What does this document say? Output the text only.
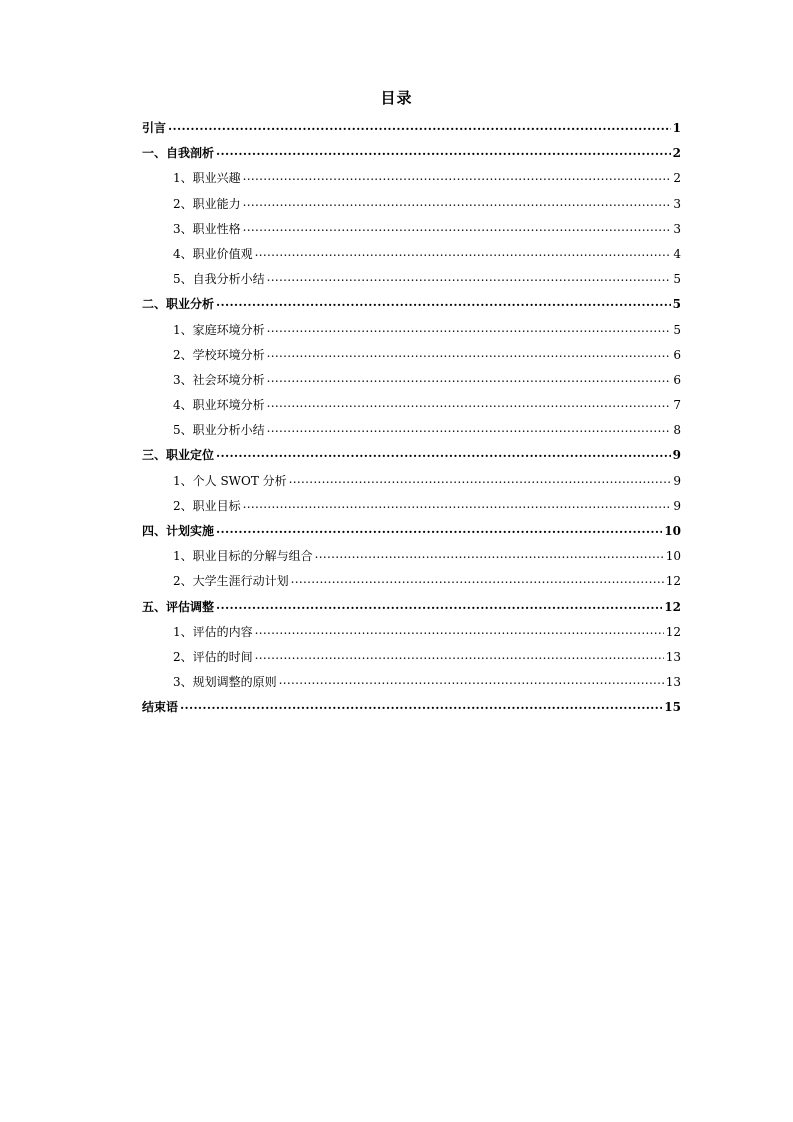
目录
引言 .....	1
一、自我剖析 .....	2
1、职业兴趣 .....	2
2、职业能力 .....	3
3、职业性格 .....	3
4、职业价值观 .....	4
5、自我分析小结 .....	5
二、职业分析 .....	5
1、家庭环境分析 .....	5
2、学校环境分析 .....	6
3、社会环境分析 .....	6
4、职业环境分析 .....	7
5、职业分析小结 .....	8
三、职业定位 .....	9
1、个人 SWOT 分析 .....	9
2、职业目标 .....	9
四、计划实施 .....	10
1、职业目标的分解与组合 .....	10
2、大学生涯行动计划 .....	12
五、评估调整 .....	12
1、评估的内容 .....	12
2、评估的时间 .....	13
3、规划调整的原则 .....	13
结束语 .....	15
